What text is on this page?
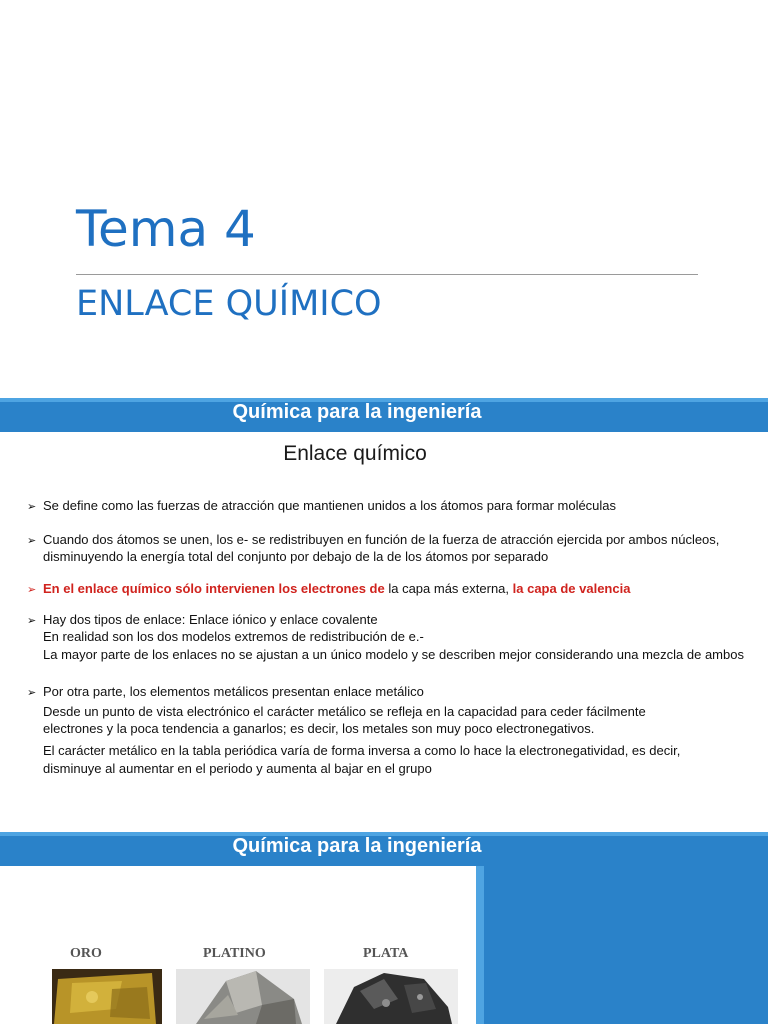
Tema 4
ENLACE QUÍMICO
Química para la ingeniería
Enlace químico
➢ Se define como las fuerzas de atracción que mantienen unidos a los átomos para formar moléculas
➢ Cuando dos átomos se unen, los e- se redistribuyen en función de la fuerza de atracción ejercida por ambos núcleos,
disminuyendo la energía total del conjunto por debajo de la de los átomos por separado
➢ En el enlace químico sólo intervienen los electrones de la capa más externa, la capa de valencia
➢ Hay dos tipos de enlace: Enlace iónico y enlace covalente
En realidad son los dos modelos extremos de redistribución de e.-
La mayor parte de los enlaces no se ajustan a un único modelo y se describen mejor considerando una mezcla de ambos
➢ Por otra parte, los elementos metálicos presentan enlace metálico
Desde un punto de vista electrónico el carácter metálico se refleja en la capacidad para ceder fácilmente
electrones y la poca tendencia a ganarlos; es decir, los metales son muy poco electronegativos.
El carácter metálico en la tabla periódica varía de forma inversa a como lo hace la electronegatividad, es decir,
disminuye al aumentar en el periodo y aumenta al bajar en el grupo
Química para la ingeniería
ORO	PLATINO	PLATA
